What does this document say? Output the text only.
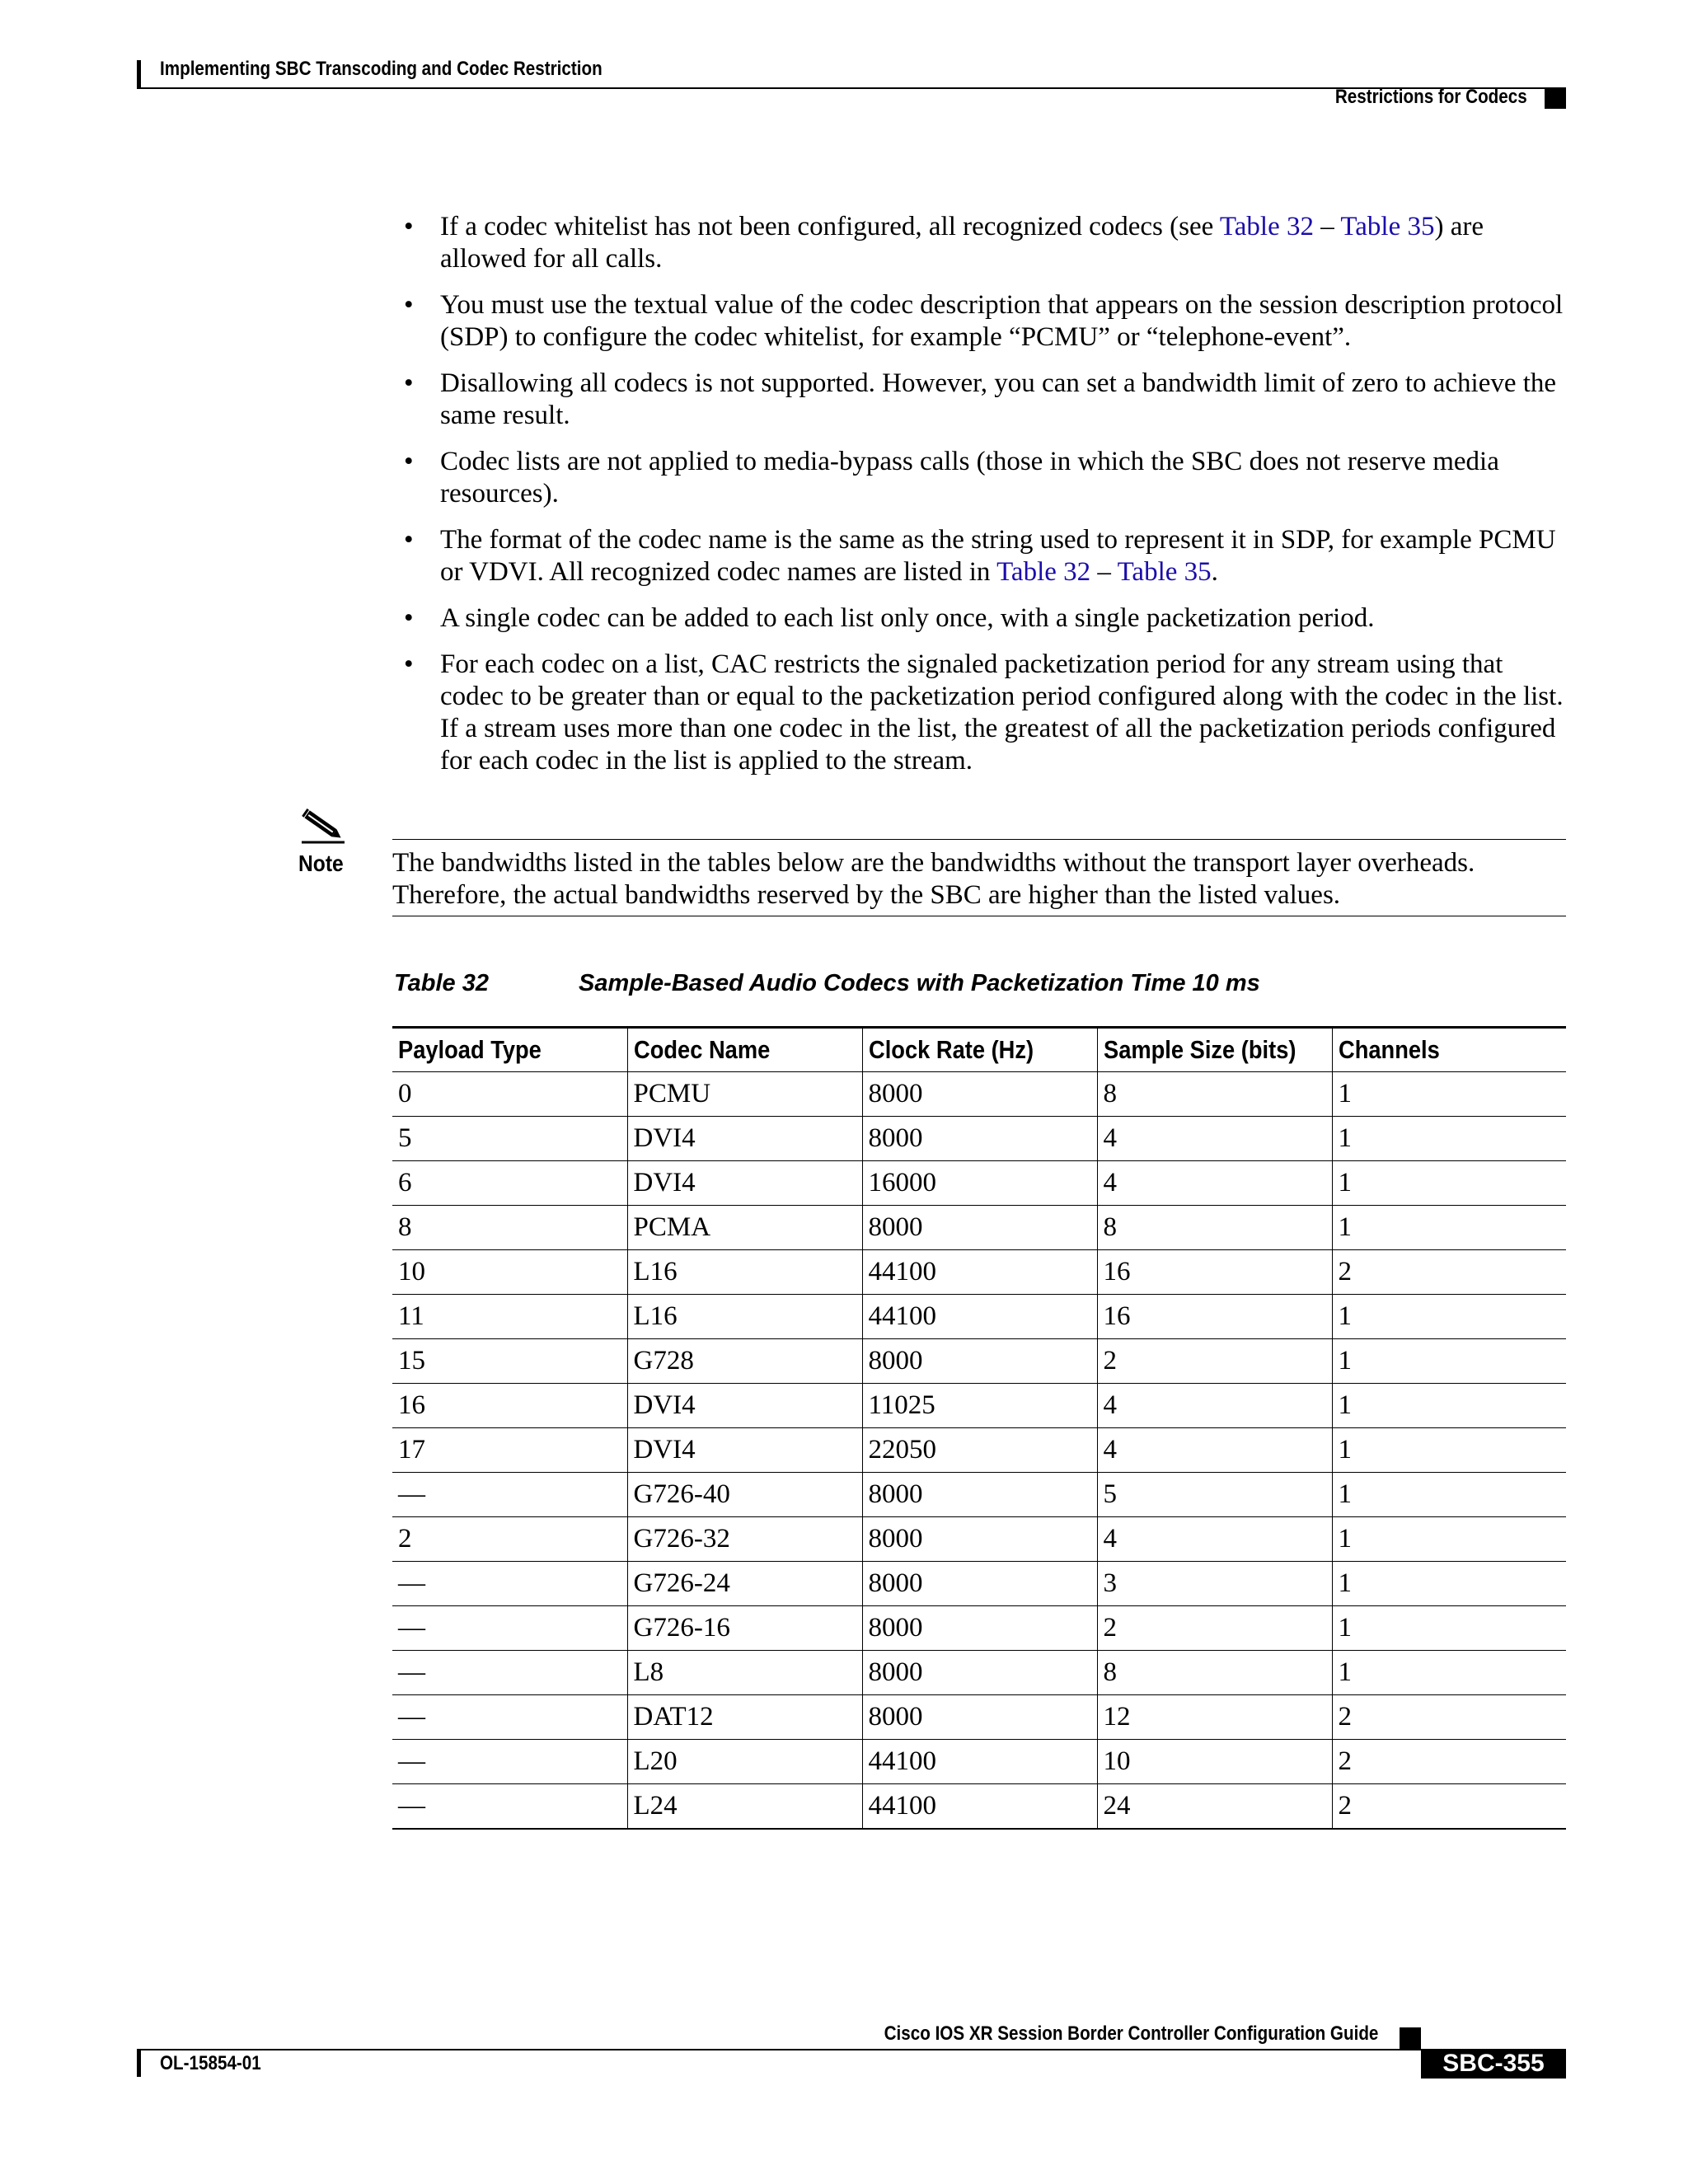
Implementing SBC Transcoding and Codec Restriction
Restrictions for Codecs
• If a codec whitelist has not been configured, all recognized codecs (see Table 32 – Table 35) are allowed for all calls.
• You must use the textual value of the codec description that appears on the session description protocol (SDP) to configure the codec whitelist, for example “PCMU” or “telephone-event”.
• Disallowing all codecs is not supported. However, you can set a bandwidth limit of zero to achieve the same result.
• Codec lists are not applied to media-bypass calls (those in which the SBC does not reserve media resources).
• The format of the codec name is the same as the string used to represent it in SDP, for example PCMU or VDVI. All recognized codec names are listed in Table 32 – Table 35.
• A single codec can be added to each list only once, with a single packetization period.
• For each codec on a list, CAC restricts the signaled packetization period for any stream using that codec to be greater than or equal to the packetization period configured along with the codec in the list. If a stream uses more than one codec in the list, the greatest of all the packetization periods configured for each codec in the list is applied to the stream.
Note The bandwidths listed in the tables below are the bandwidths without the transport layer overheads. Therefore, the actual bandwidths reserved by the SBC are higher than the listed values.
Table 32	Sample-Based Audio Codecs with Packetization Time 10 ms
Payload Type	Codec Name	Clock Rate (Hz)	Sample Size (bits)	Channels
0	PCMU	8000	8	1
5	DVI4	8000	4	1
6	DVI4	16000	4	1
8	PCMA	8000	8	1
10	L16	44100	16	2
11	L16	44100	16	1
15	G728	8000	2	1
16	DVI4	11025	4	1
17	DVI4	22050	4	1
—	G726-40	8000	5	1
2	G726-32	8000	4	1
—	G726-24	8000	3	1
—	G726-16	8000	2	1
—	L8	8000	8	1
—	DAT12	8000	12	2
—	L20	44100	10	2
—	L24	44100	24	2
Cisco IOS XR Session Border Controller Configuration Guide
OL-15854-01	SBC-355
